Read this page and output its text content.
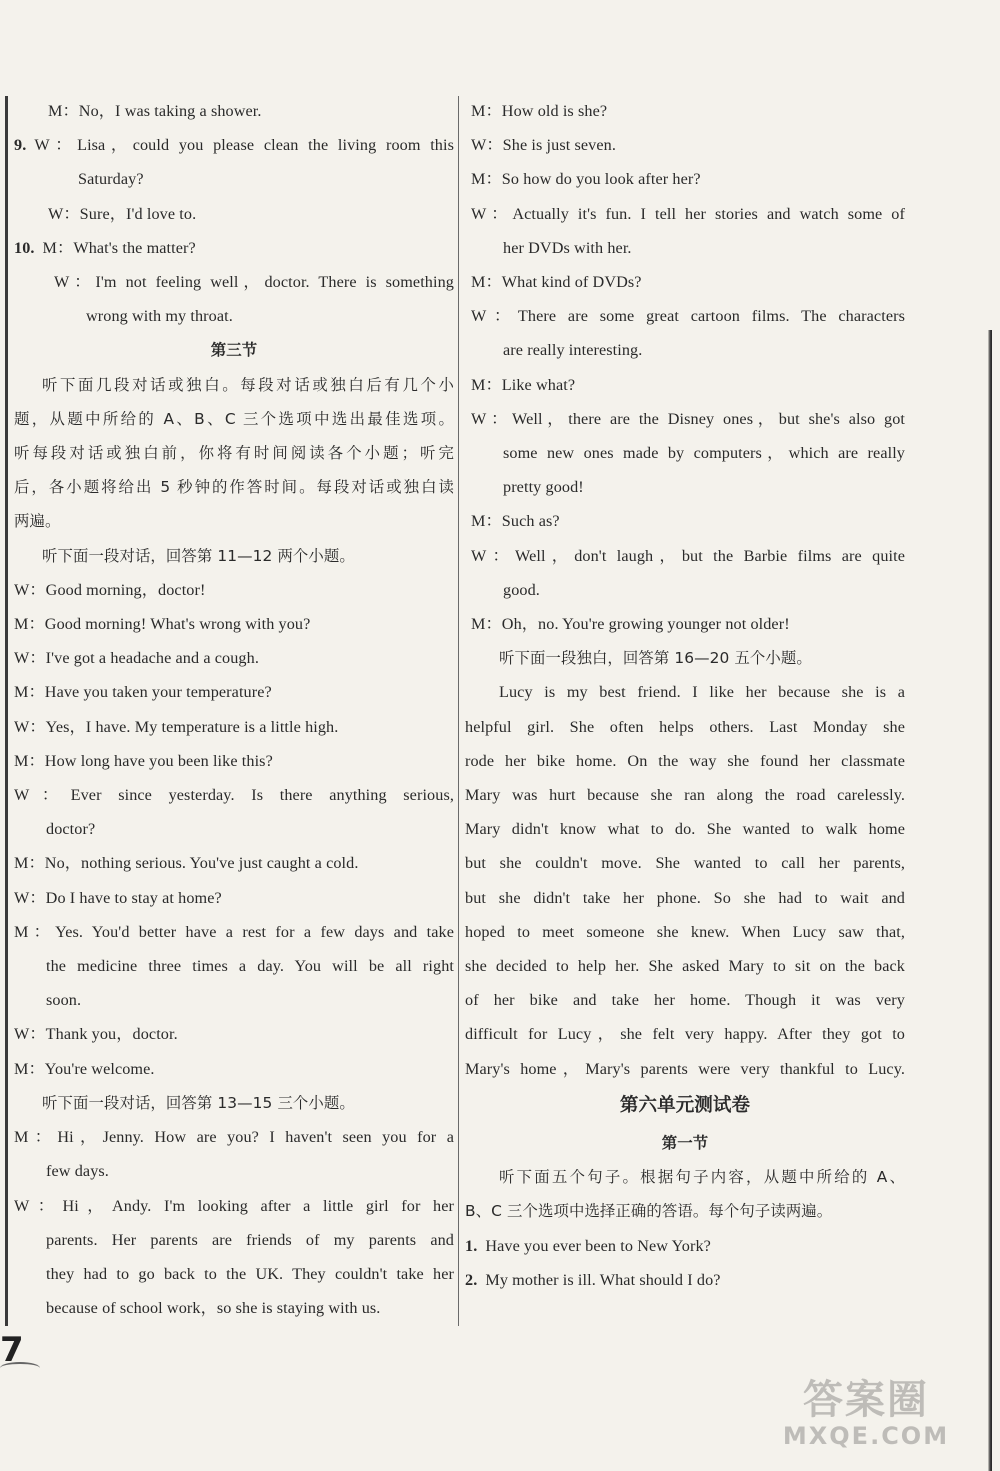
M：No，I was taking a shower.
9. W：Lisa，could you please clean the living room this
Saturday?
W：Sure，I'd love to.
10. M：What's the matter?
W：I'm not feeling well，doctor. There is something
wrong with my throat.
第三节
听下面几段对话或独白。每段对话或独白后有几个小
题，从题中所给的 A、B、C 三个选项中选出最佳选项。
听每段对话或独白前，你将有时间阅读各个小题；听完
后，各小题将给出 5 秒钟的作答时间。每段对话或独白读
两遍。
听下面一段对话，回答第 11—12 两个小题。
W：Good morning，doctor!
M：Good morning! What's wrong with you?
W：I've got a headache and a cough.
M：Have you taken your temperature?
W：Yes，I have. My temperature is a little high.
M：How long have you been like this?
W：Ever since yesterday. Is there anything serious,
doctor?
M：No，nothing serious. You've just caught a cold.
W：Do I have to stay at home?
M：Yes. You'd better have a rest for a few days and take
the medicine three times a day. You will be all right
soon.
W：Thank you，doctor.
M：You're welcome.
听下面一段对话，回答第 13—15 三个小题。
M：Hi，Jenny. How are you? I haven't seen you for a
few days.
W：Hi，Andy. I'm looking after a little girl for her
parents. Her parents are friends of my parents and
they had to go back to the UK. They couldn't take her
because of school work，so she is staying with us.
M：How old is she?
W：She is just seven.
M：So how do you look after her?
W：Actually it's fun. I tell her stories and watch some of
her DVDs with her.
M：What kind of DVDs?
W：There are some great cartoon films. The characters
are really interesting.
M：Like what?
W：Well，there are the Disney ones，but she's also got
some new ones made by computers，which are really
pretty good!
M：Such as?
W：Well，don't laugh，but the Barbie films are quite
good.
M：Oh，no. You're growing younger not older!
听下面一段独白，回答第 16—20 五个小题。
Lucy is my best friend. I like her because she is a
helpful girl. She often helps others. Last Monday she
rode her bike home. On the way she found her classmate
Mary was hurt because she ran along the road carelessly.
Mary didn't know what to do. She wanted to walk home
but she couldn't move. She wanted to call her parents,
but she didn't take her phone. So she had to wait and
hoped to meet someone she knew. When Lucy saw that,
she decided to help her. She asked Mary to sit on the back
of her bike and take her home. Though it was very
difficult for Lucy，she felt very happy. After they got to
Mary's home，Mary's parents were very thankful to Lucy.
第六单元测试卷
第一节
听下面五个句子。根据句子内容，从题中所给的 A、
B、C 三个选项中选择正确的答语。每个句子读两遍。
1. Have you ever been to New York?
2. My mother is ill. What should I do?
7
答案圈
MXQE.COM
